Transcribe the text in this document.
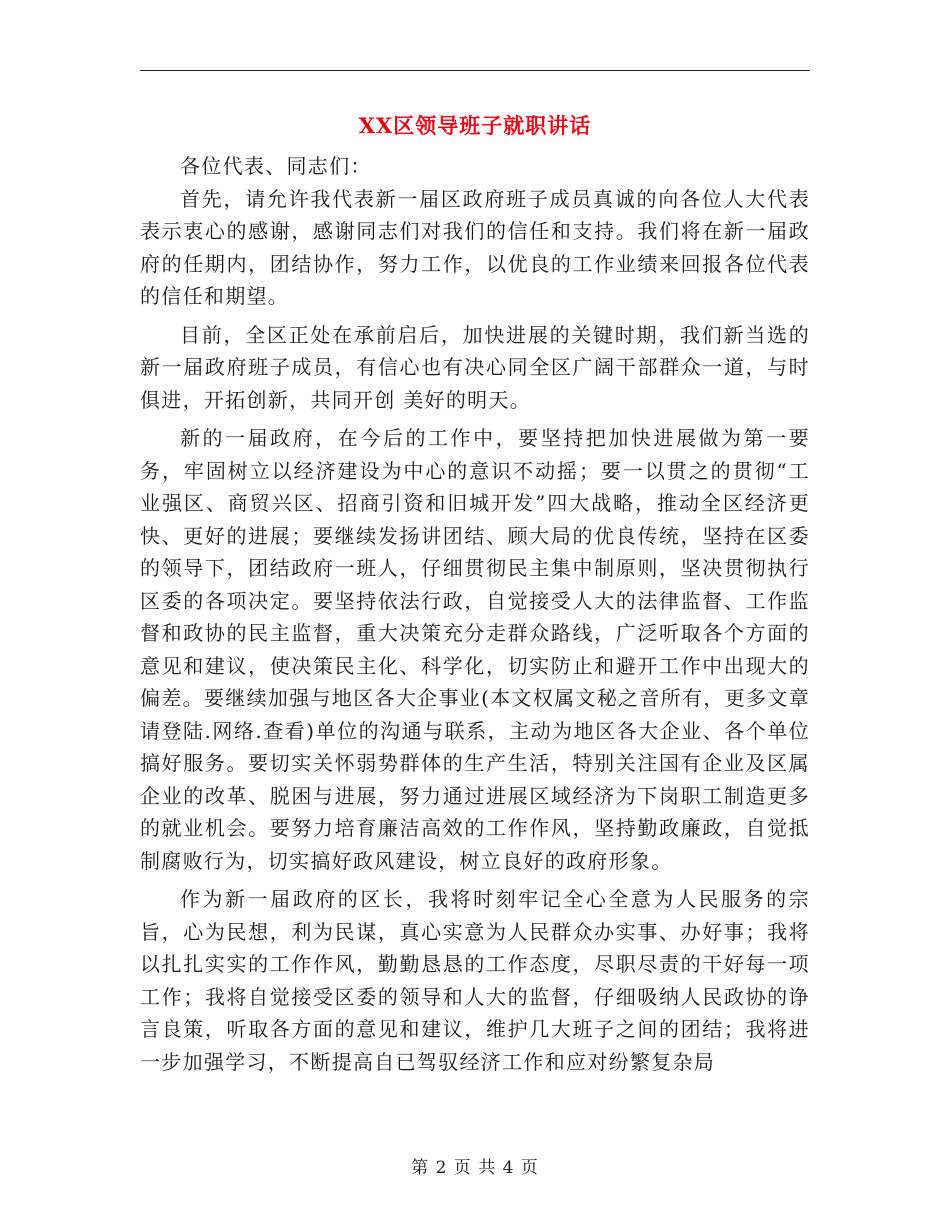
XX区领导班子就职讲话

各位代表、同志们：

首先，请允许我代表新一届区政府班子成员真诚的向各位人大代表表示衷心的感谢，感谢同志们对我们的信任和支持。我们将在新一届政府的任期内，团结协作，努力工作，以优良的工作业绩来回报各位代表的信任和期望。

目前，全区正处在承前启后，加快进展的关键时期，我们新当选的新一届政府班子成员，有信心也有决心同全区广阔干部群众一道，与时俱进，开拓创新，共同开创 美好的明天。

新的一届政府，在今后的工作中，要坚持把加快进展做为第一要务，牢固树立以经济建设为中心的意识不动摇；要一以贯之的贯彻“工业强区、商贸兴区、招商引资和旧城开发”四大战略，推动全区经济更快、更好的进展；要继续发扬讲团结、顾大局的优良传统，坚持在区委的领导下，团结政府一班人，仔细贯彻民主集中制原则，坚决贯彻执行区委的各项决定。要坚持依法行政，自觉接受人大的法律监督、工作监督和政协的民主监督，重大决策充分走群众路线，广泛听取各个方面的意见和建议，使决策民主化、科学化，切实防止和避开工作中出现大的偏差。要继续加强与地区各大企事业(本文权属文秘之音所有，更多文章请登陆.网络.查看)单位的沟通与联系，主动为地区各大企业、各个单位搞好服务。要切实关怀弱势群体的生产生活，特别关注国有企业及区属企业的改革、脱困与进展，努力通过进展区域经济为下岗职工制造更多的就业机会。要努力培育廉洁高效的工作作风，坚持勤政廉政，自觉抵制腐败行为，切实搞好政风建设，树立良好的政府形象。

作为新一届政府的区长，我将时刻牢记全心全意为人民服务的宗旨，心为民想，利为民谋，真心实意为人民群众办实事、办好事；我将以扎扎实实的工作作风，勤勤恳恳的工作态度，尽职尽责的干好每一项工作；我将自觉接受区委的领导和人大的监督，仔细吸纳人民政协的诤言良策，听取各方面的意见和建议，维护几大班子之间的团结；我将进一步加强学习，不断提高自已驾驭经济工作和应对纷繁复杂局

第 2 页 共 4 页
